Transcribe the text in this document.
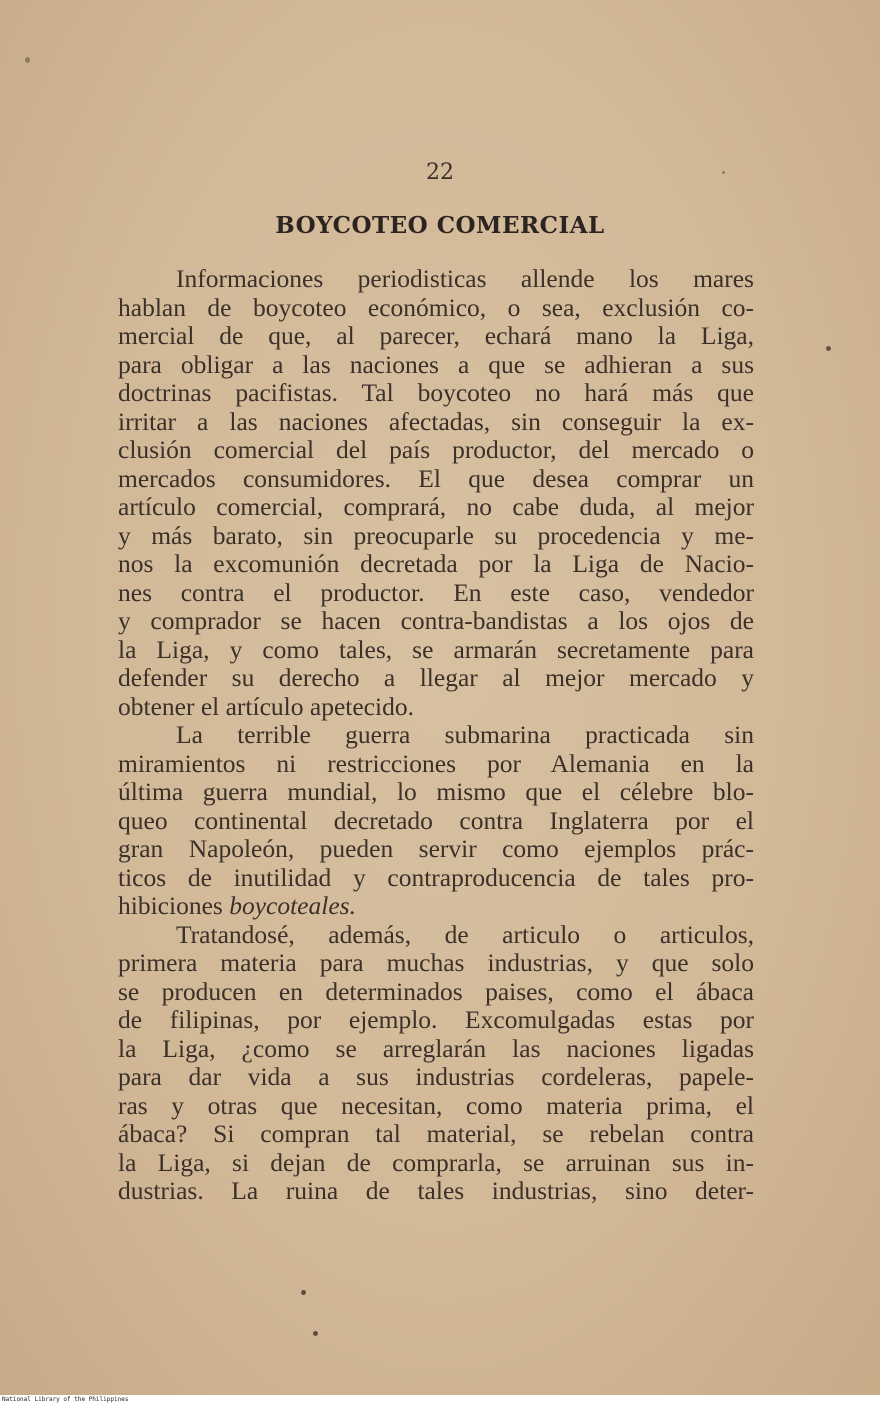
22

BOYCOTEO COMERCIAL
Informaciones periodisticas allende los mares
hablan de boycoteo económico, o sea, exclusión co-
mercial de que, al parecer, echará mano la Liga,
para obligar a las naciones a que se adhieran a sus
doctrinas pacifistas. Tal boycoteo no hará más que
irritar a las naciones afectadas, sin conseguir la ex-
clusión comercial del país productor, del mercado o
mercados consumidores. El que desea comprar un
artículo comercial, comprará, no cabe duda, al mejor
y más barato, sin preocuparle su procedencia y me-
nos la excomunión decretada por la Liga de Nacio-
nes contra el productor. En este caso, vendedor
y comprador se hacen contra-bandistas a los ojos de
la Liga, y como tales, se armarán secretamente para
defender su derecho a llegar al mejor mercado y
obtener el artículo apetecido.
La terrible guerra submarina practicada sin
miramientos ni restricciones por Alemania en la
última guerra mundial, lo mismo que el célebre blo-
queo continental decretado contra Inglaterra por el
gran Napoleón, pueden servir como ejemplos prác-
ticos de inutilidad y contraproducencia de tales pro-
hibiciones boycoteales.
Tratandosé, además, de articulo o articulos,
primera materia para muchas industrias, y que solo
se producen en determinados paises, como el ábaca
de filipinas, por ejemplo. Excomulgadas estas por
la Liga, ¿como se arreglarán las naciones ligadas
para dar vida a sus industrias cordeleras, papele-
ras y otras que necesitan, como materia prima, el
ábaca? Si compran tal material, se rebelan contra
la Liga, si dejan de comprarla, se arruinan sus in-
dustrias. La ruina de tales industrias, sino deter-

National Library of the Philippines
